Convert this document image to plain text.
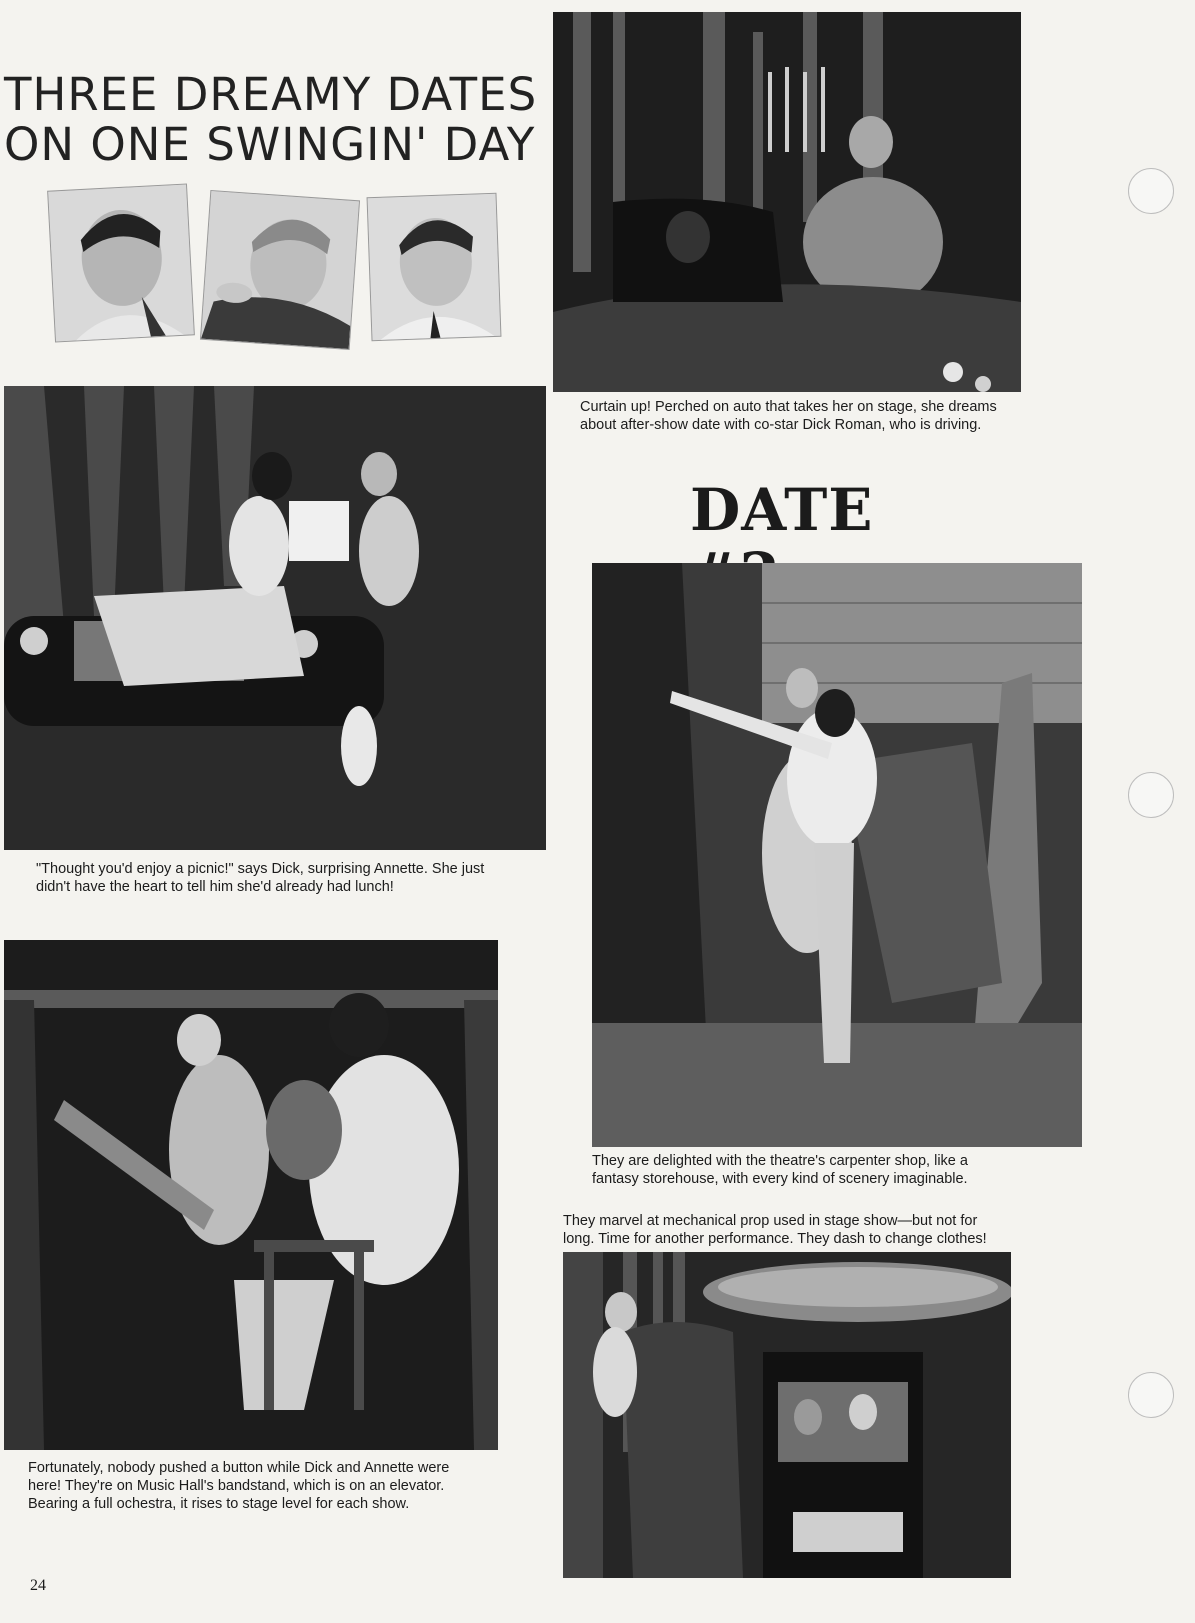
THREE DREAMY DATES
ON ONE SWINGIN' DAY

Curtain up! Perched on auto that takes her on stage, she dreams about after-show date with co-star Dick Roman, who is driving.

DATE

"Thought you'd enjoy a picnic!" says Dick, surprising Annette. She just didn't have the heart to tell him she'd already had lunch!

They are delighted with the theatre's carpenter shop, like a fantasy storehouse, with every kind of scenery imaginable.

Fortunately, nobody pushed a button while Dick and Annette were here! They're on Music Hall's bandstand, which is on an elevator. Bearing a full ochestra, it rises to stage level for each show.

They marvel at mechanical prop used in stage show—but not for long. Time for another performance. They dash to change clothes!

24
